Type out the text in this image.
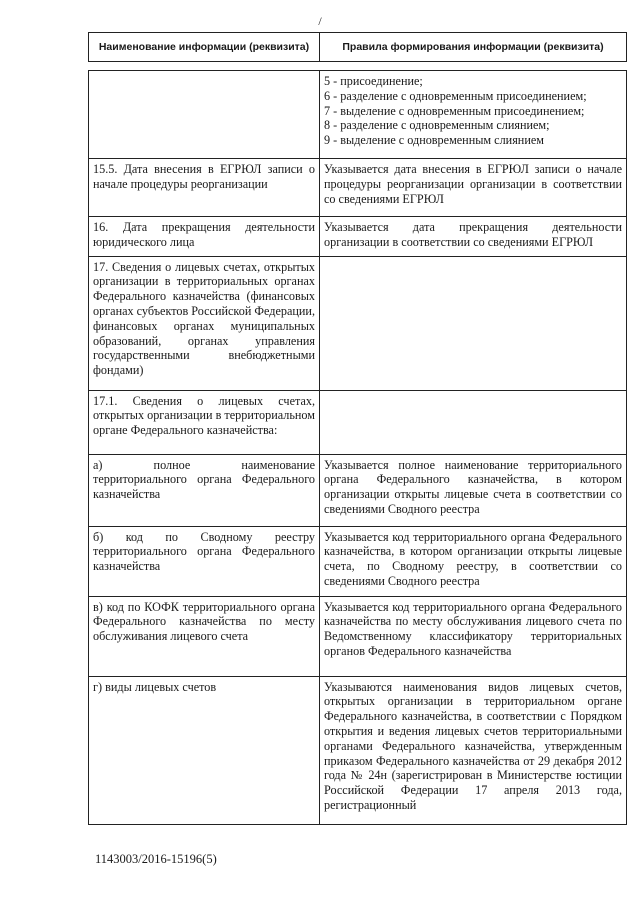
/
Наименование информации (реквизита)	Правила формирования информации (реквизита)

	5 - присоединение;
6 - разделение с одновременным присоединением;
7 - выделение с одновременным присоединением;
8 - разделение с одновременным слиянием;
9 - выделение с одновременным слиянием

15.5. Дата внесения в ЕГРЮЛ записи о начале процедуры реорганизации	Указывается дата внесения в ЕГРЮЛ записи о начале процедуры реорганизации организации в соответствии со сведениями ЕГРЮЛ
16. Дата прекращения деятельности юридического лица	Указывается дата прекращения деятельности организации в соответствии со сведениями ЕГРЮЛ
17. Сведения о лицевых счетах, открытых организации в территориальных органах Федерального казначейства (финансовых органах субъектов Российской Федерации, финансовых органах муниципальных образований, органах управления государственными внебюджетными фондами)	
17.1. Сведения о лицевых счетах, открытых организации в территориальном органе Федерального казначейства:	
а) полное наименование территориального органа Федерального казначейства	Указывается полное наименование территориального органа Федерального казначейства, в котором организации открыты лицевые счета в соответствии со сведениями Сводного реестра
б) код по Сводному реестру территориального органа Федерального казначейства	Указывается код территориального органа Федерального казначейства, в котором организации открыты лицевые счета, по Сводному реестру, в соответствии со сведениями Сводного реестра
в) код по КОФК территориального органа Федерального казначейства по месту обслуживания лицевого счета	Указывается код территориального органа Федерального казначейства по месту обслуживания лицевого счета по Ведомственному классификатору территориальных органов Федерального казначейства
г) виды лицевых счетов	Указываются наименования видов лицевых счетов, открытых организации в территориальном органе Федерального казначейства, в соответствии с Порядком открытия и ведения лицевых счетов территориальными органами Федерального казначейства, утвержденным приказом Федерального казначейства от 29 декабря 2012 года № 24н (зарегистрирован в Министерстве юстиции Российской Федерации 17 апреля 2013 года, регистрационный
1143003/2016-15196(5)
